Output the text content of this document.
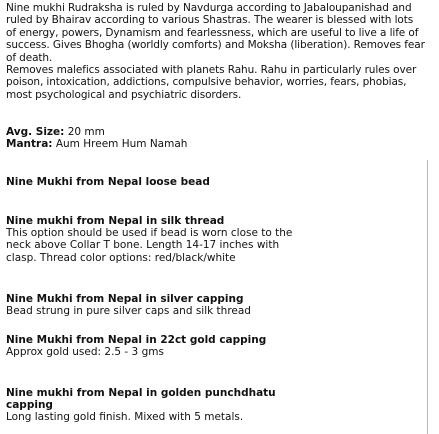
Nine mukhi Rudraksha is ruled by Navdurga according to Jabaloupanishad and ruled by Bhairav according to various Shastras. The wearer is blessed with lots of energy, powers, Dynamism and fearlessness, which are useful to live a life of success. Gives Bhogha (worldly comforts) and Moksha (liberation). Removes fear of death.

Removes malefics associated with planets Rahu. Rahu in particularly rules over poison, intoxication, addictions, compulsive behavior, worries, fears, phobias, most psychological and psychiatric disorders.

Avg. Size: 20 mm
Mantra: Aum Hreem Hum Namah
Nine Mukhi from Nepal loose bead
Nine mukhi from Nepal in silk thread
This option should be used if bead is worn close to the neck above Collar T bone. Length 14-17 inches with clasp. Thread color options: red/black/white
Nine Mukhi from Nepal in silver capping
Bead strung in pure silver caps and silk thread
Nine Mukhi from Nepal in 22ct gold capping
Approx gold used: 2.5 - 3 gms
Nine mukhi from Nepal in golden punchdhatu capping
Long lasting gold finish. Mixed with 5 metals.
